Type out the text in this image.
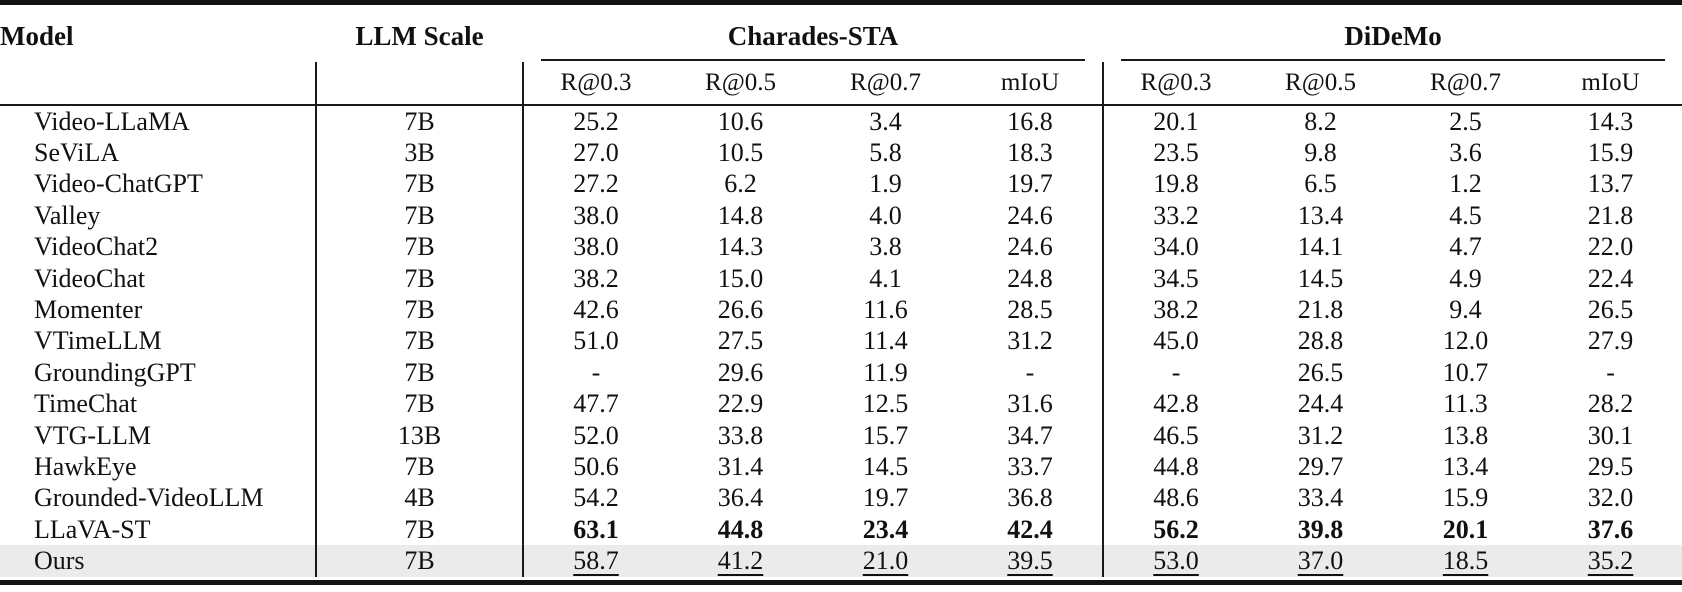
Model	LLM Scale	Charades-STA				DiDeMo			

		R@0.3	R@0.5	R@0.7	mIoU	R@0.3	R@0.5	R@0.7	mIoU
Video-LLaMA	7B	25.2	10.6	3.4	16.8	20.1	8.2	2.5	14.3
SeViLA	3B	27.0	10.5	5.8	18.3	23.5	9.8	3.6	15.9
Video-ChatGPT	7B	27.2	6.2	1.9	19.7	19.8	6.5	1.2	13.7
Valley	7B	38.0	14.8	4.0	24.6	33.2	13.4	4.5	21.8
VideoChat2	7B	38.0	14.3	3.8	24.6	34.0	14.1	4.7	22.0
VideoChat	7B	38.2	15.0	4.1	24.8	34.5	14.5	4.9	22.4
Momenter	7B	42.6	26.6	11.6	28.5	38.2	21.8	9.4	26.5
VTimeLLM	7B	51.0	27.5	11.4	31.2	45.0	28.8	12.0	27.9
GroundingGPT	7B	-	29.6	11.9	-	-	26.5	10.7	-
TimeChat	7B	47.7	22.9	12.5	31.6	42.8	24.4	11.3	28.2
VTG-LLM	13B	52.0	33.8	15.7	34.7	46.5	31.2	13.8	30.1
HawkEye	7B	50.6	31.4	14.5	33.7	44.8	29.7	13.4	29.5
Grounded-VideoLLM	4B	54.2	36.4	19.7	36.8	48.6	33.4	15.9	32.0
LLaVA-ST	7B	63.1	44.8	23.4	42.4	56.2	39.8	20.1	37.6
Ours	7B	58.7	41.2	21.0	39.5	53.0	37.0	18.5	35.2
